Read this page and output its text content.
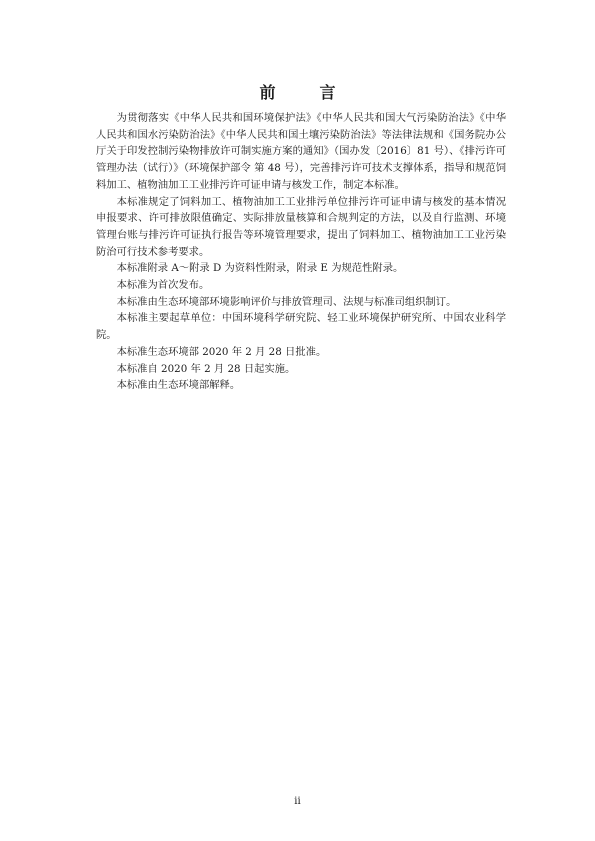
前 言

为贯彻落实《中华人民共和国环境保护法》《中华人民共和国大气污染防治法》《中华人民共和国水污染防治法》《中华人民共和国土壤污染防治法》等法律法规和《国务院办公厅关于印发控制污染物排放许可制实施方案的通知》（国办发〔2016〕81 号）、《排污许可管理办法（试行）》（环境保护部令 第 48 号），完善排污许可技术支撑体系，指导和规范饲料加工、植物油加工工业排污许可证申请与核发工作，制定本标准。

本标准规定了饲料加工、植物油加工工业排污单位排污许可证申请与核发的基本情况申报要求、许可排放限值确定、实际排放量核算和合规判定的方法，以及自行监测、环境管理台账与排污许可证执行报告等环境管理要求，提出了饲料加工、植物油加工工业污染防治可行技术参考要求。

本标准附录 A～附录 D 为资料性附录，附录 E 为规范性附录。

本标准为首次发布。

本标准由生态环境部环境影响评价与排放管理司、法规与标准司组织制订。

本标准主要起草单位：中国环境科学研究院、轻工业环境保护研究所、中国农业科学院。

本标准生态环境部 2020 年 2 月 28 日批准。

本标准自 2020 年 2 月 28 日起实施。

本标准由生态环境部解释。

ii
